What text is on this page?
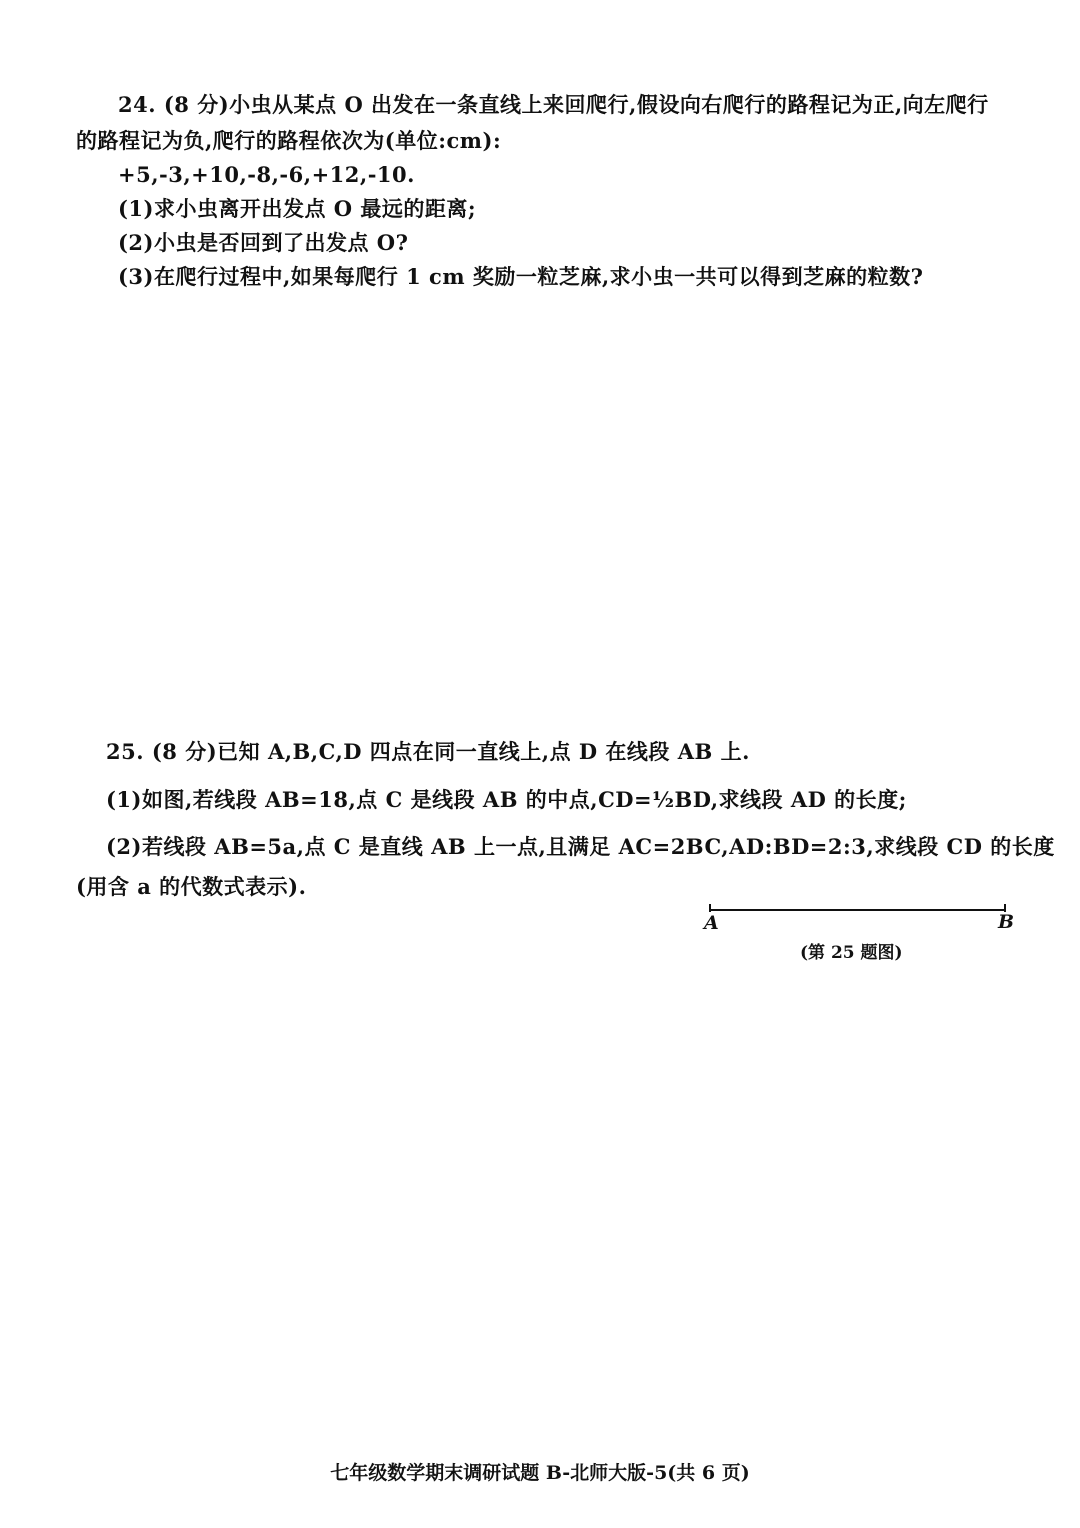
24. (8 分)小虫从某点 O 出发在一条直线上来回爬行,假设向右爬行的路程记为正,向左爬行
的路程记为负,爬行的路程依次为(单位:cm):
+5,-3,+10,-8,-6,+12,-10.
(1)求小虫离开出发点 O 最远的距离;
(2)小虫是否回到了出发点 O?
(3)在爬行过程中,如果每爬行 1 cm 奖励一粒芝麻,求小虫一共可以得到芝麻的粒数?
25. (8 分)已知 A,B,C,D 四点在同一直线上,点 D 在线段 AB 上.
(1)如图,若线段 AB=18,点 C 是线段 AB 的中点,CD=½BD,求线段 AD 的长度;
(2)若线段 AB=5a,点 C 是直线 AB 上一点,且满足 AC=2BC,AD:BD=2:3,求线段 CD 的长度
(用含 a 的代数式表示).
A	B
(第 25 题图)
七年级数学期末调研试题 B-北师大版-5(共 6 页)
